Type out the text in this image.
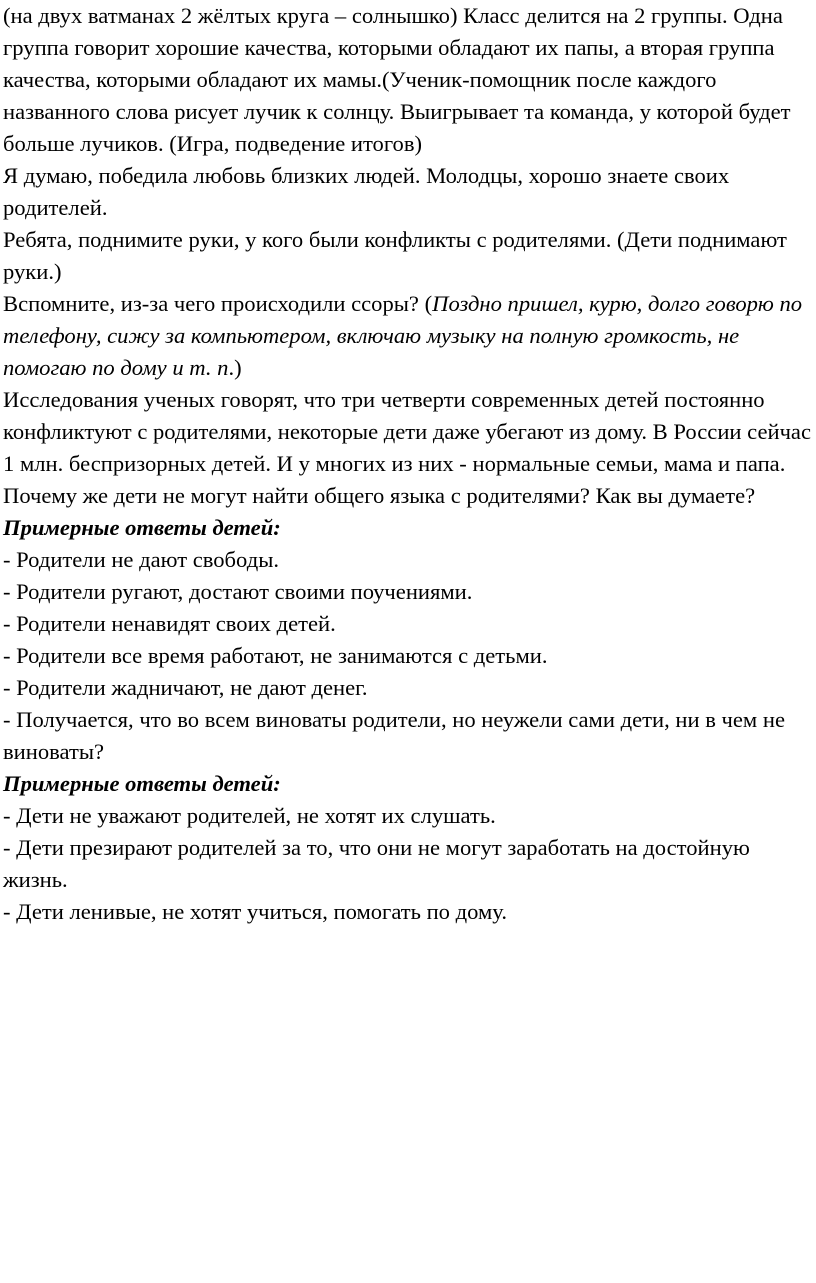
(на двух ватманах 2 жёлтых круга – солнышко) Класс делится на 2 группы. Одна группа говорит хорошие качества, которыми обладают их папы, а вторая группа качества, которыми обладают их мамы.(Ученик-помощник после каждого названного слова рисует лучик к солнцу. Выигрывает та команда, у которой будет больше лучиков. (Игра, подведение итогов)

Я думаю, победила любовь близких людей. Молодцы, хорошо знаете своих родителей.

Ребята, поднимите руки, у кого были конфликты с родителями. (Дети поднимают руки.)

Вспомните, из-за чего происходили ссоры? (Поздно пришел, курю, долго говорю по телефону, сижу за компьютером, включаю музыку на полную громкость, не помогаю по дому и т. п.)

Исследования ученых говорят, что три четверти современных детей постоянно конфликтуют с родителями, некоторые дети даже убегают из дому. В России сейчас 1 млн. беспризорных детей. И у многих из них - нормальные семьи, мама и папа. Почему же дети не могут найти общего языка с родителями? Как вы думаете?

Примерные ответы детей:

- Родители не дают свободы.

- Родители ругают, достают своими поучениями.

- Родители ненавидят своих детей.

- Родители все время работают, не занимаются с детьми.

- Родители жадничают, не дают денег.

- Получается, что во всем виноваты родители, но неужели сами дети, ни в чем не виноваты?

Примерные ответы детей:

- Дети не уважают родителей, не хотят их слушать.

- Дети презирают родителей за то, что они не могут заработать на достойную жизнь.

- Дети ленивые, не хотят учиться, помогать по дому.
